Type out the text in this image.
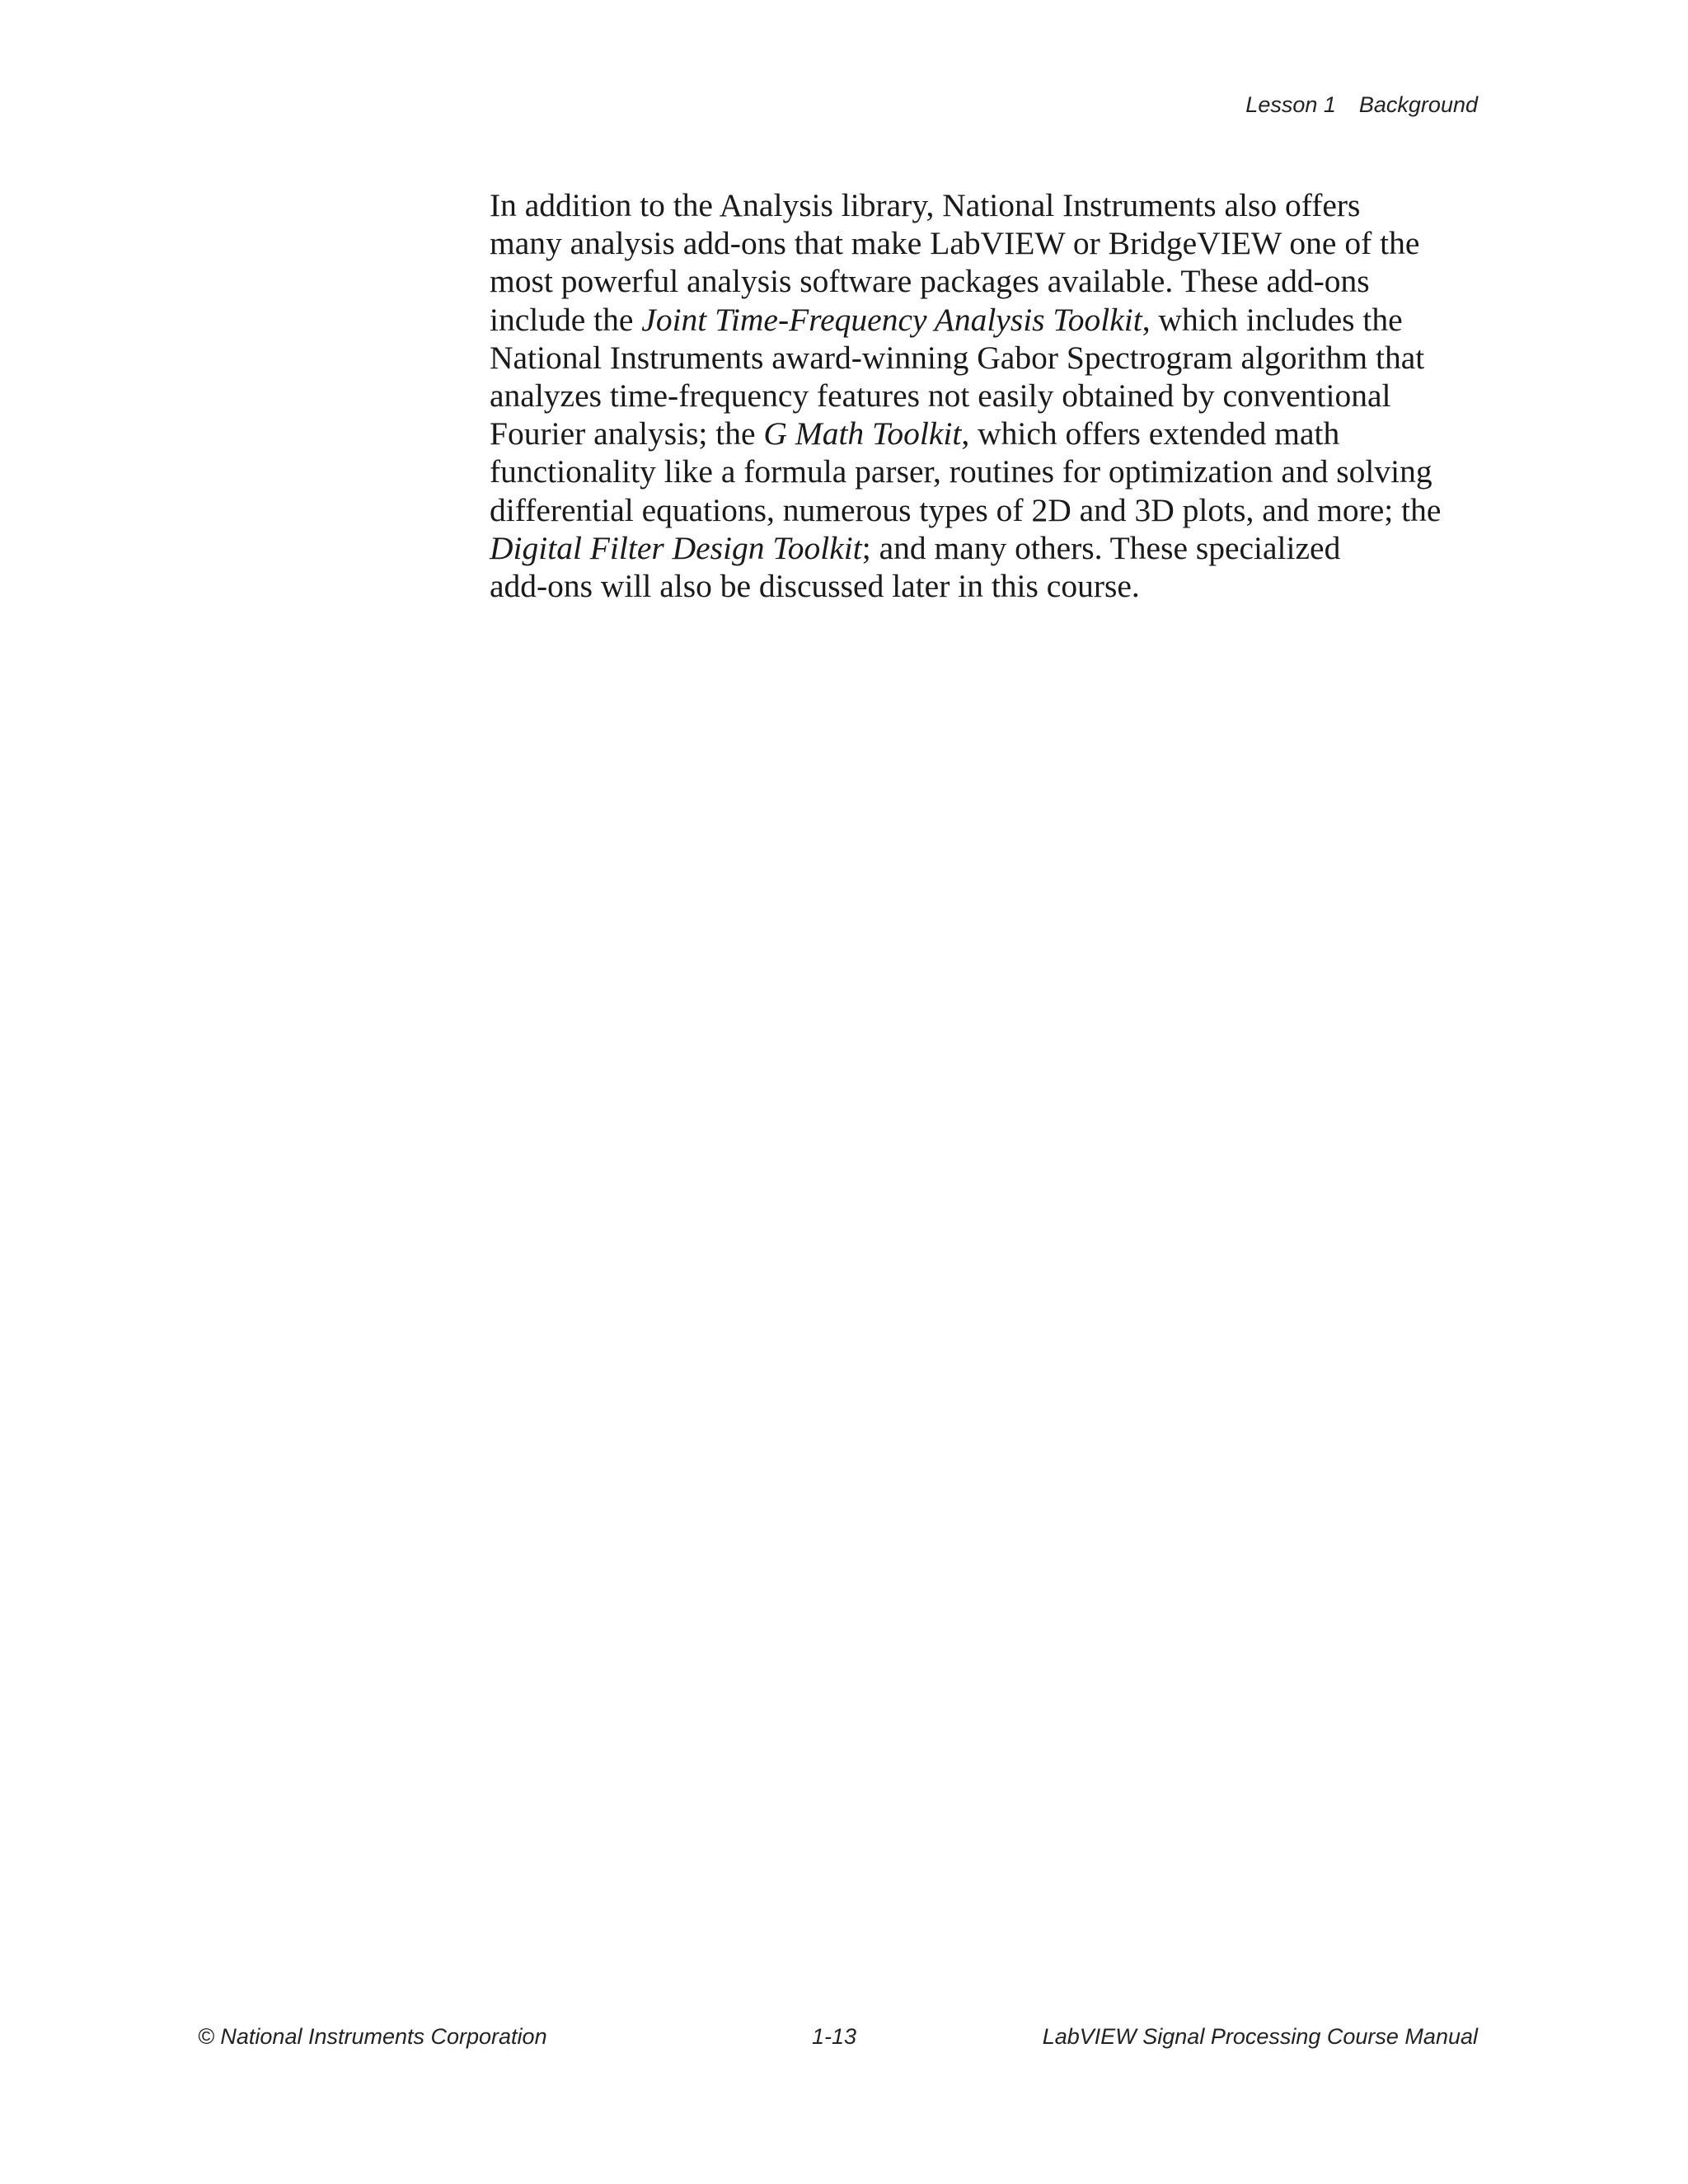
Lesson 1 Background
In addition to the Analysis library, National Instruments also offers
many analysis add-ons that make LabVIEW or BridgeVIEW one of the
most powerful analysis software packages available. These add-ons
include the Joint Time-Frequency Analysis Toolkit, which includes the
National Instruments award-winning Gabor Spectrogram algorithm that
analyzes time-frequency features not easily obtained by conventional
Fourier analysis; the G Math Toolkit, which offers extended math
functionality like a formula parser, routines for optimization and solving
differential equations, numerous types of 2D and 3D plots, and more; the
Digital Filter Design Toolkit; and many others. These specialized
add-ons will also be discussed later in this course.
© National Instruments Corporation	1-13	LabVIEW Signal Processing Course Manual
